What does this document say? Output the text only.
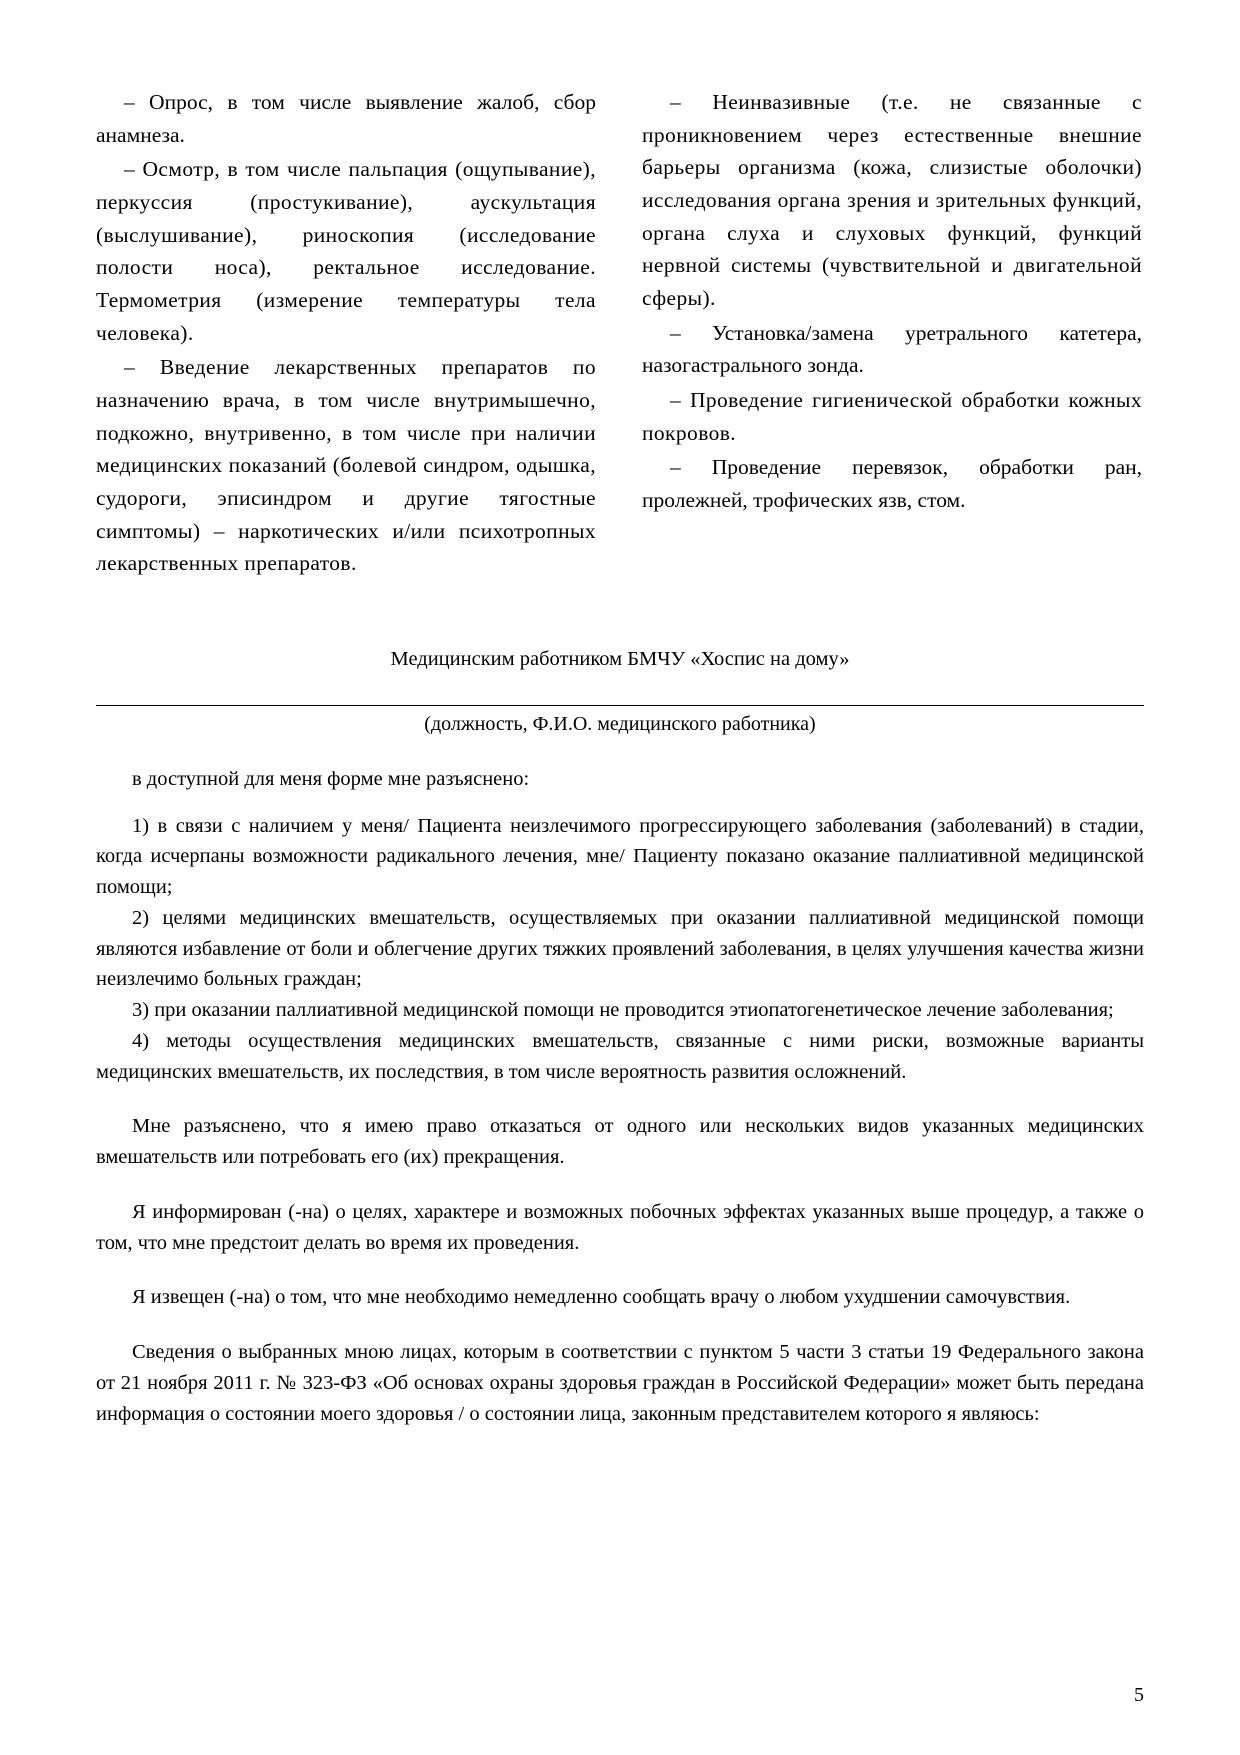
– Опрос, в том числе выявление жалоб, сбор анамнеза.

– Осмотр, в том числе пальпация (ощупывание), перкуссия (простукивание), аускультация (выслушивание), риноскопия (исследование полости носа), ректальное исследование. Термометрия (измерение температуры тела человека).

– Введение лекарственных препаратов по назначению врача, в том числе внутримышечно, подкожно, внутривенно, в том числе при наличии медицинских показаний (болевой синдром, одышка, судороги, эписиндром и другие тягостные симптомы) – наркотических и/или психотропных лекарственных препаратов.

– Неинвазивные (т.е. не связанные с проникновением через естественные внешние барьеры организма (кожа, слизистые оболочки) исследования органа зрения и зрительных функций, органа слуха и слуховых функций, функций нервной системы (чувствительной и двигательной сферы).

– Установка/замена уретрального катетера, назогастрального зонда.

– Проведение гигиенической обработки кожных покровов.

– Проведение перевязок, обработки ран, пролежней, трофических язв, стом.

Медицинским работником БМЧУ «Хоспис на дому»
(должность, Ф.И.О. медицинского работника)

в доступной для меня форме мне разъяснено:

1) в связи с наличием у меня/ Пациента неизлечимого прогрессирующего заболевания (заболеваний) в стадии, когда исчерпаны возможности радикального лечения, мне/ Пациенту показано оказание паллиативной медицинской помощи;

2) целями медицинских вмешательств, осуществляемых при оказании паллиативной медицинской помощи являются избавление от боли и облегчение других тяжких проявлений заболевания, в целях улучшения качества жизни неизлечимо больных граждан;

3) при оказании паллиативной медицинской помощи не проводится этиопатогенетическое лечение заболевания;

4) методы осуществления медицинских вмешательств, связанные с ними риски, возможные варианты медицинских вмешательств, их последствия, в том числе вероятность развития осложнений.

Мне разъяснено, что я имею право отказаться от одного или нескольких видов указанных медицинских вмешательств или потребовать его (их) прекращения.

Я информирован (-на) о целях, характере и возможных побочных эффектах указанных выше процедур, а также о том, что мне предстоит делать во время их проведения.

Я извещен (-на) о том, что мне необходимо немедленно сообщать врачу о любом ухудшении самочувствия.

Сведения о выбранных мною лицах, которым в соответствии с пунктом 5 части 3 статьи 19 Федерального закона от 21 ноября 2011 г. № 323-ФЗ «Об основах охраны здоровья граждан в Российской Федерации» может быть передана информация о состоянии моего здоровья / о состоянии лица, законным представителем которого я являюсь:

5
